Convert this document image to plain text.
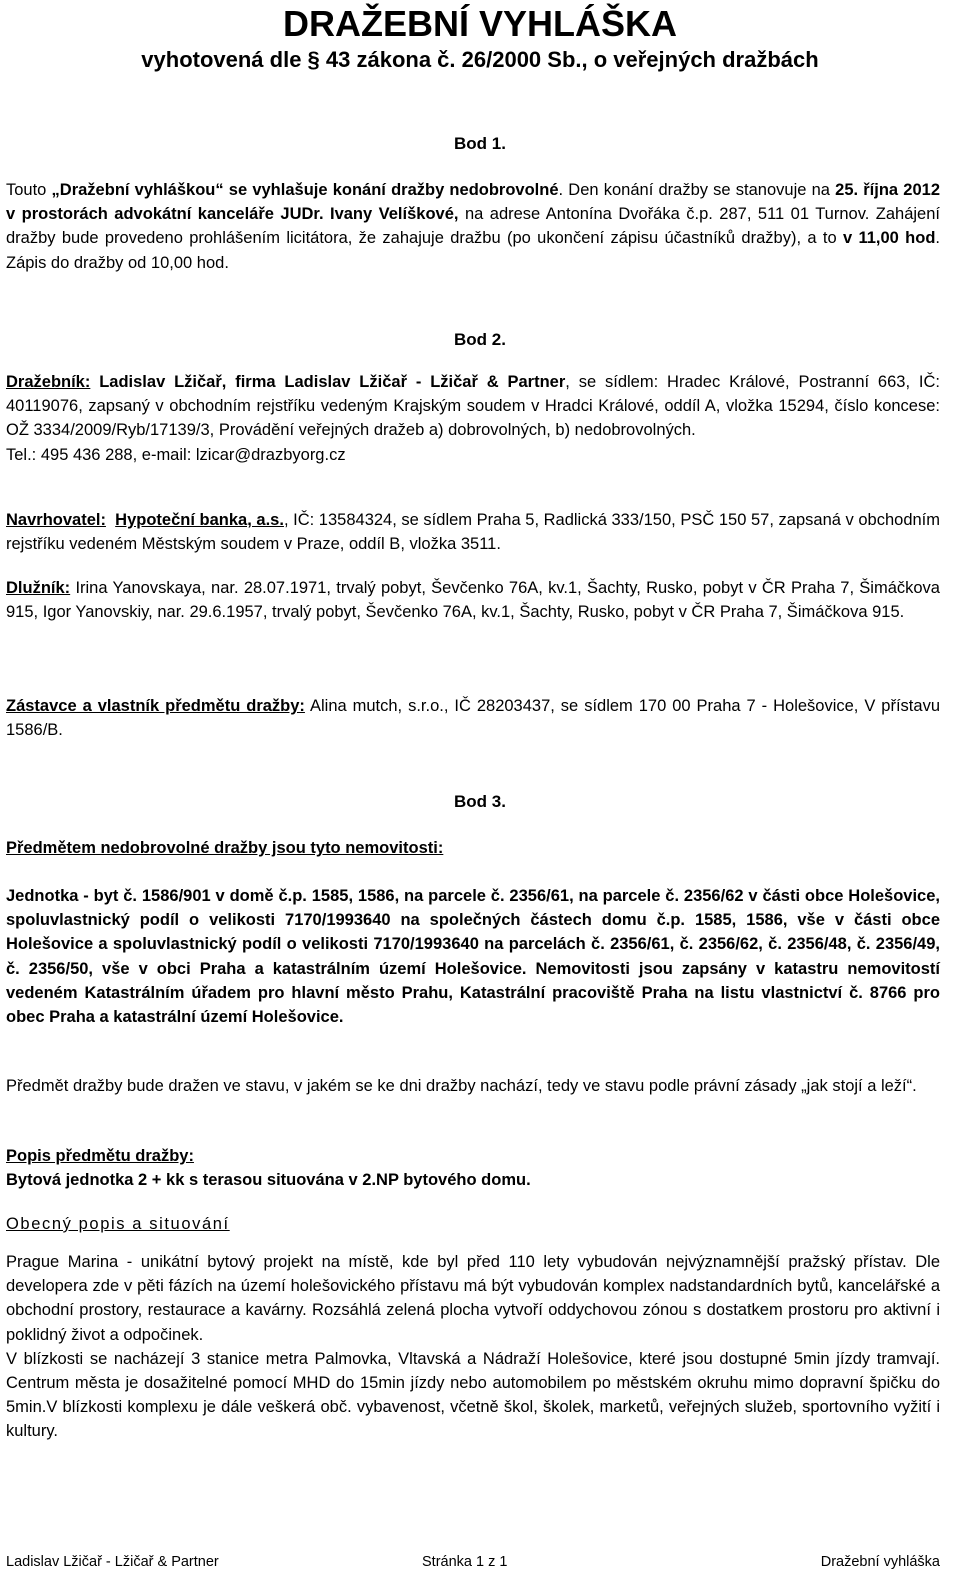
DRAŽEBNÍ VYHLÁŠKA
vyhotovená dle § 43 zákona č. 26/2000 Sb., o veřejných dražbách
Bod 1.
Touto „Dražební vyhláškou“ se vyhlašuje konání dražby nedobrovolné. Den konání dražby se stanovuje na 25. října 2012 v prostorách advokátní kanceláře JUDr. Ivany Velíškové, na adrese Antonína Dvořáka č.p. 287, 511 01 Turnov. Zahájení dražby bude provedeno prohlášením licitátora, že zahajuje dražbu (po ukončení zápisu účastníků dražby), a to v 11,00 hod. Zápis do dražby od 10,00 hod.
Bod 2.
Dražebník: Ladislav Lžičař, firma Ladislav Lžičař - Lžičař & Partner, se sídlem: Hradec Králové, Postranní 663, IČ: 40119076, zapsaný v obchodním rejstříku vedeným Krajským soudem v Hradci Králové, oddíl A, vložka 15294, číslo koncese: OŽ 3334/2009/Ryb/17139/3, Provádění veřejných dražeb a) dobrovolných, b) nedobrovolných.
Tel.: 495 436 288, e-mail: lzicar@drazbyorg.cz
Navrhovatel: Hypoteční banka, a.s., IČ: 13584324, se sídlem Praha 5, Radlická 333/150, PSČ 150 57, zapsaná v obchodním rejstříku vedeném Městským soudem v Praze, oddíl B, vložka 3511.
Dlužník: Irina Yanovskaya, nar. 28.07.1971, trvalý pobyt, Ševčenko 76A, kv.1, Šachty, Rusko, pobyt v ČR Praha 7, Šimáčkova 915, Igor Yanovskiy, nar. 29.6.1957, trvalý pobyt, Ševčenko 76A, kv.1, Šachty, Rusko, pobyt v ČR Praha 7, Šimáčkova 915.
Zástavce a vlastník předmětu dražby: Alina mutch, s.r.o., IČ 28203437, se sídlem 170 00 Praha 7 - Holešovice, V přístavu 1586/B.
Bod 3.
Předmětem nedobrovolné dražby jsou tyto nemovitosti:
Jednotka - byt č. 1586/901 v domě č.p. 1585, 1586, na parcele č. 2356/61, na parcele č. 2356/62 v části obce Holešovice, spoluvlastnický podíl o velikosti 7170/1993640 na společných částech domu č.p. 1585, 1586, vše v části obce Holešovice a spoluvlastnický podíl o velikosti 7170/1993640 na parcelách č. 2356/61, č. 2356/62, č. 2356/48, č. 2356/49, č. 2356/50, vše v obci Praha a katastrálním území Holešovice. Nemovitosti jsou zapsány v katastru nemovitostí vedeném Katastrálním úřadem pro hlavní město Prahu, Katastrální pracoviště Praha na listu vlastnictví č. 8766 pro obec Praha a katastrální území Holešovice.
Předmět dražby bude dražen ve stavu, v jakém se ke dni dražby nachází, tedy ve stavu podle právní zásady „jak stojí a leží“.
Popis předmětu dražby:
Bytová jednotka 2 + kk s terasou situována v 2.NP bytového domu.
Obecný popis a situování
Prague Marina - unikátní bytový projekt na místě, kde byl před 110 lety vybudován nejvýznamnější pražský přístav. Dle developera zde v pěti fázích na území holešovického přístavu má být vybudován komplex nadstandardních bytů, kancelářské a obchodní prostory, restaurace a kavárny. Rozsáhlá zelená plocha vytvoří oddychovou zónou s dostatkem prostoru pro aktivní i poklidný život a odpočinek.
V blízkosti se nacházejí 3 stanice metra Palmovka, Vltavská a Nádraží Holešovice, které jsou dostupné 5min jízdy tramvají. Centrum města je dosažitelné pomocí MHD do 15min jízdy nebo automobilem po městském okruhu mimo dopravní špičku do 5min.V blízkosti komplexu je dále veškerá obč. vybavenost, včetně škol, školek, marketů, veřejných služeb, sportovního vyžití i kultury.
Ladislav Lžičař - Lžičař & Partner	Stránka 1 z 1	Dražební vyhláška
